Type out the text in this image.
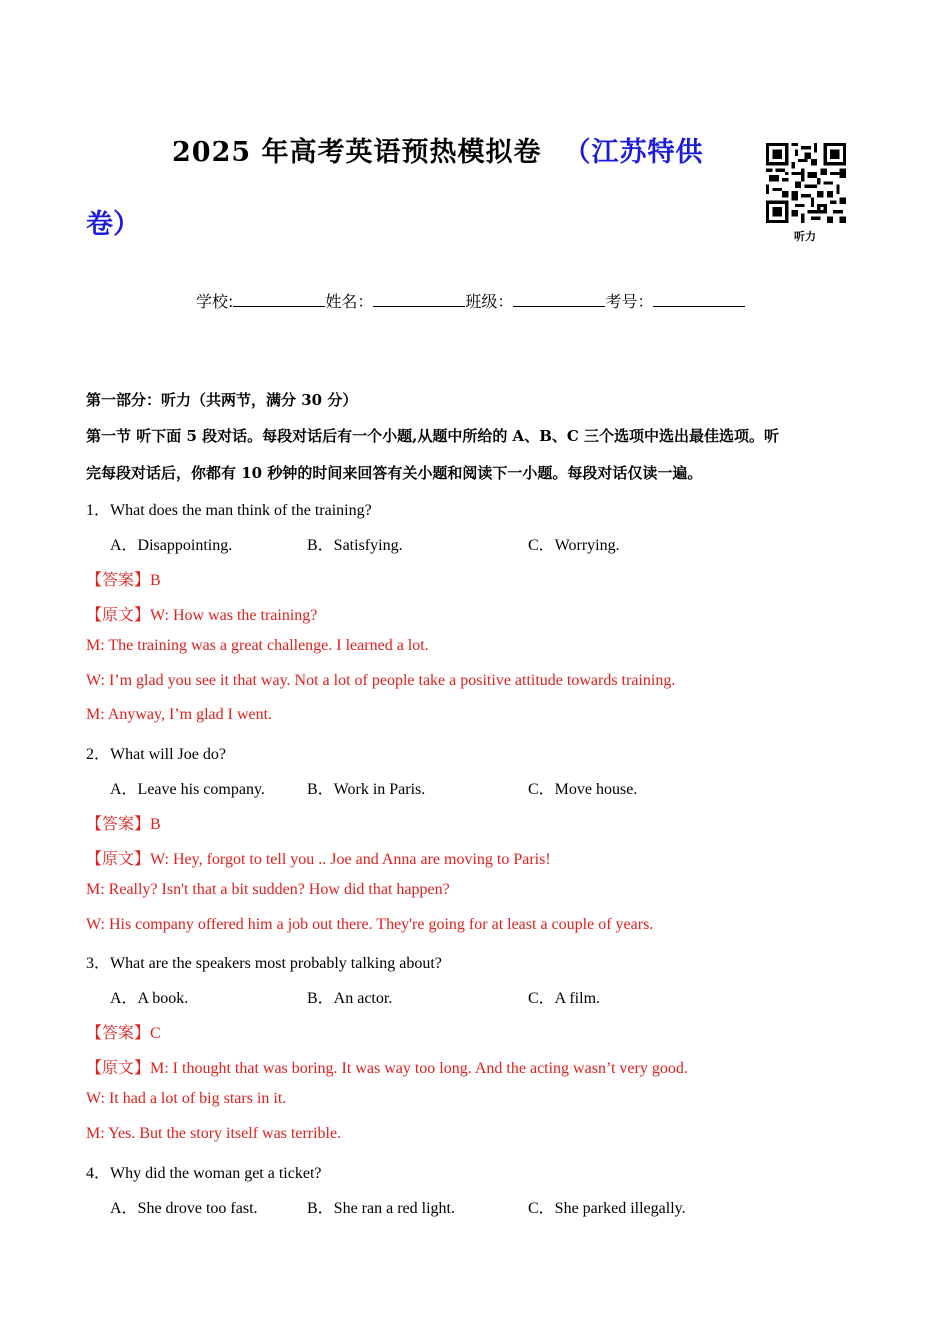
2025 年高考英语预热模拟卷 （江苏特供
卷）	听力
学校:	姓名：	班级：	考号：
第一部分：听力（共两节，满分 30 分）
第一节 听下面 5 段对话。每段对话后有一个小题,从题中所给的 A、B、C 三个选项中选出最佳选项。听
完每段对话后，你都有 10 秒钟的时间来回答有关小题和阅读下一小题。每段对话仅读一遍。
1．What does the man think of the training?
A．Disappointing.	B．Satisfying.	C．Worrying.
【答案】B
【原文】W: How was the training?
M: The training was a great challenge. I learned a lot.
W: I’m glad you see it that way. Not a lot of people take a positive attitude towards training.
M: Anyway, I’m glad I went.
2．What will Joe do?
A．Leave his company.	B．Work in Paris.	C．Move house.
【答案】B
【原文】W: Hey, forgot to tell you .. Joe and Anna are moving to Paris!
M: Really? Isn't that a bit sudden? How did that happen?
W: His company offered him a job out there. They're going for at least a couple of years.
3．What are the speakers most probably talking about?
A．A book.	B．An actor.	C．A film.
【答案】C
【原文】M: I thought that was boring. It was way too long. And the acting wasn’t very good.
W: It had a lot of big stars in it.
M: Yes. But the story itself was terrible.
4．Why did the woman get a ticket?
A．She drove too fast.	B．She ran a red light.	C．She parked illegally.
